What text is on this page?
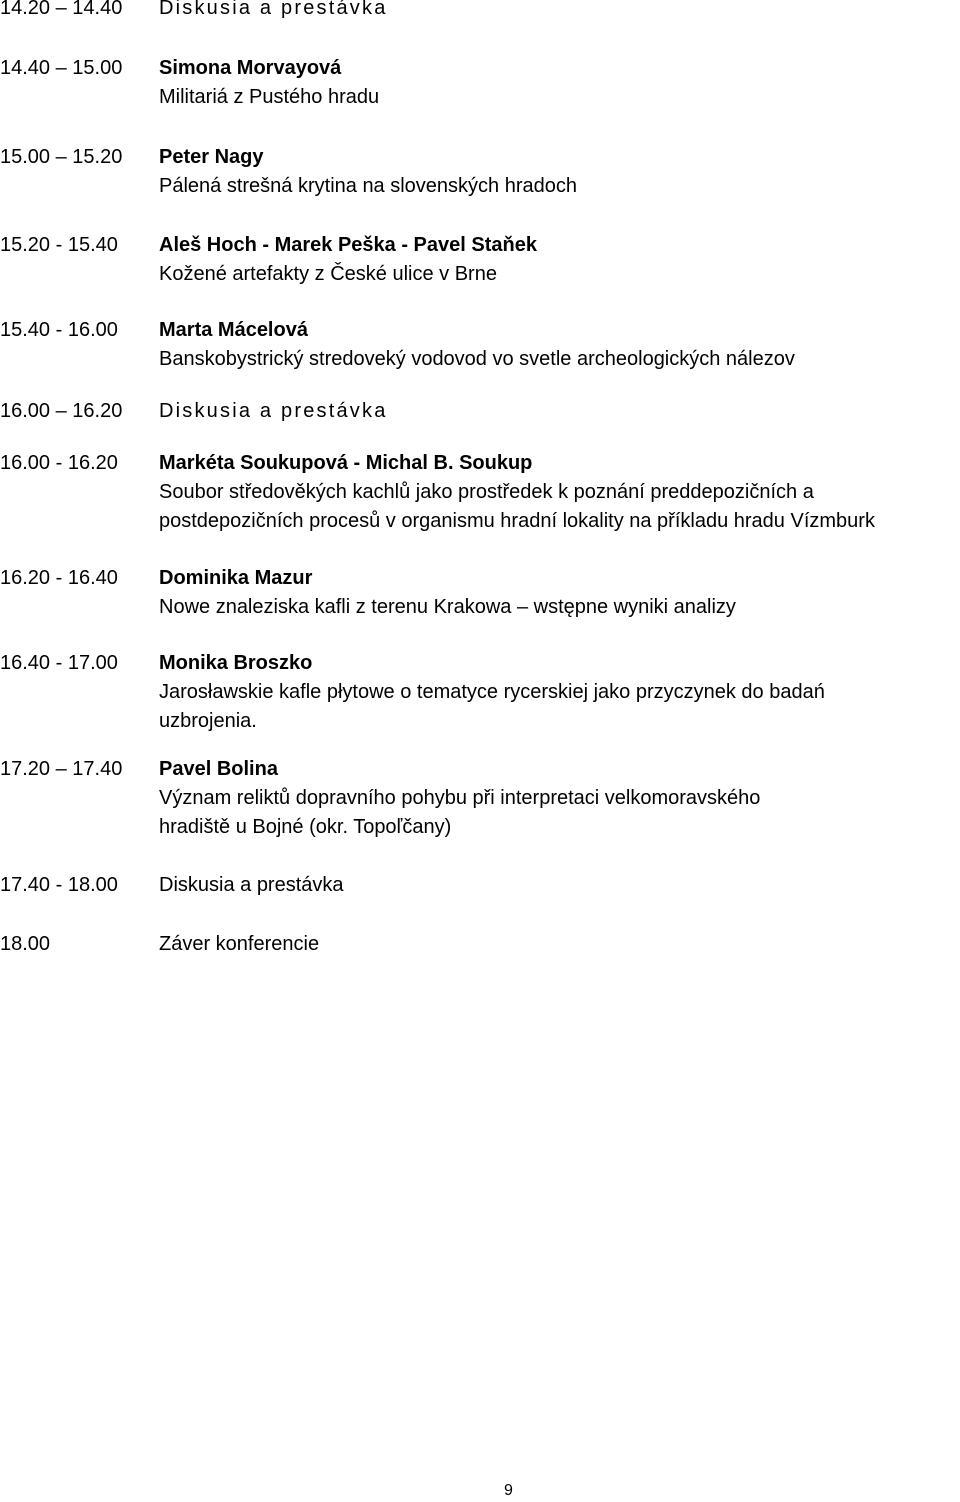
14.20 – 14.40 Diskusia a prestávka
14.40 – 15.00 Simona Morvayová
Militariá z Pustého hradu
15.00 – 15.20 Peter Nagy
Pálená strešná krytina na slovenských hradoch
15.20 - 15.40 Aleš Hoch - Marek Peška - Pavel Staňek
Kožené artefakty z České ulice v Brne
15.40 - 16.00 Marta Mácelová
Banskobystrický stredoveký vodovod vo svetle archeologických nálezov
16.00 – 16.20 Diskusia a prestávka
16.00 - 16.20 Markéta Soukupová - Michal B. Soukup
Soubor středověkých kachlů jako prostředek k poznání preddepozičních a
postdepozičních procesů v organismu hradní lokality na příkladu hradu Vízmburk
16.20 - 16.40 Dominika Mazur
Nowe znaleziska kafli z terenu Krakowa – wstępne wyniki analizy
16.40 - 17.00 Monika Broszko
Jarosławskie kafle płytowe o tematyce rycerskiej jako przyczynek do badań
uzbrojenia.
17.20 – 17.40 Pavel Bolina
Význam reliktů dopravního pohybu při interpretaci velkomoravského
hradiště u Bojné (okr. Topoľčany)
17.40 - 18.00 Diskusia a prestávka
18.00	Záver konferencie
9
